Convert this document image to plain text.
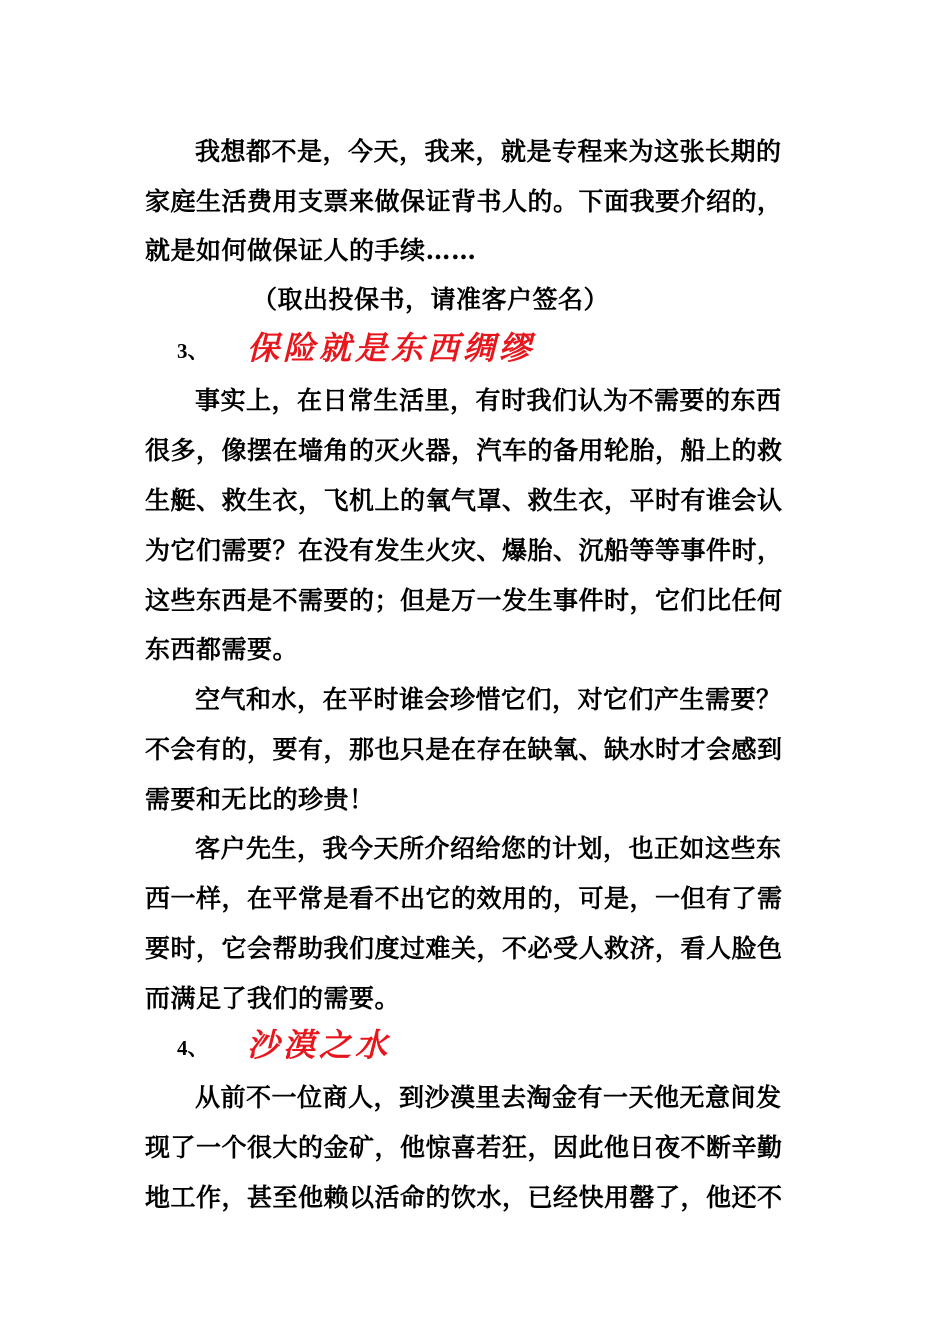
我想都不是，今天，我来，就是专程来为这张长期的
家庭生活费用支票来做保证背书人的。下面我要介绍的，
就是如何做保证人的手续……
（取出投保书，请准客户签名）
3、 保险就是东西绸缪
事实上，在日常生活里，有时我们认为不需要的东西
很多，像摆在墙角的灭火器，汽车的备用轮胎，船上的救
生艇、救生衣，飞机上的氧气罩、救生衣，平时有谁会认
为它们需要？在没有发生火灾、爆胎、沉船等等事件时，
这些东西是不需要的；但是万一发生事件时，它们比任何
东西都需要。
空气和水，在平时谁会珍惜它们，对它们产生需要？
不会有的，要有，那也只是在存在缺氧、缺水时才会感到
需要和无比的珍贵！
客户先生，我今天所介绍给您的计划，也正如这些东
西一样，在平常是看不出它的效用的，可是，一但有了需
要时，它会帮助我们度过难关，不必受人救济，看人脸色
而满足了我们的需要。
4、 沙漠之水
从前不一位商人，到沙漠里去淘金有一天他无意间发
现了一个很大的金矿，他惊喜若狂，因此他日夜不断辛勤
地工作，甚至他赖以活命的饮水，已经快用罄了，他还不
